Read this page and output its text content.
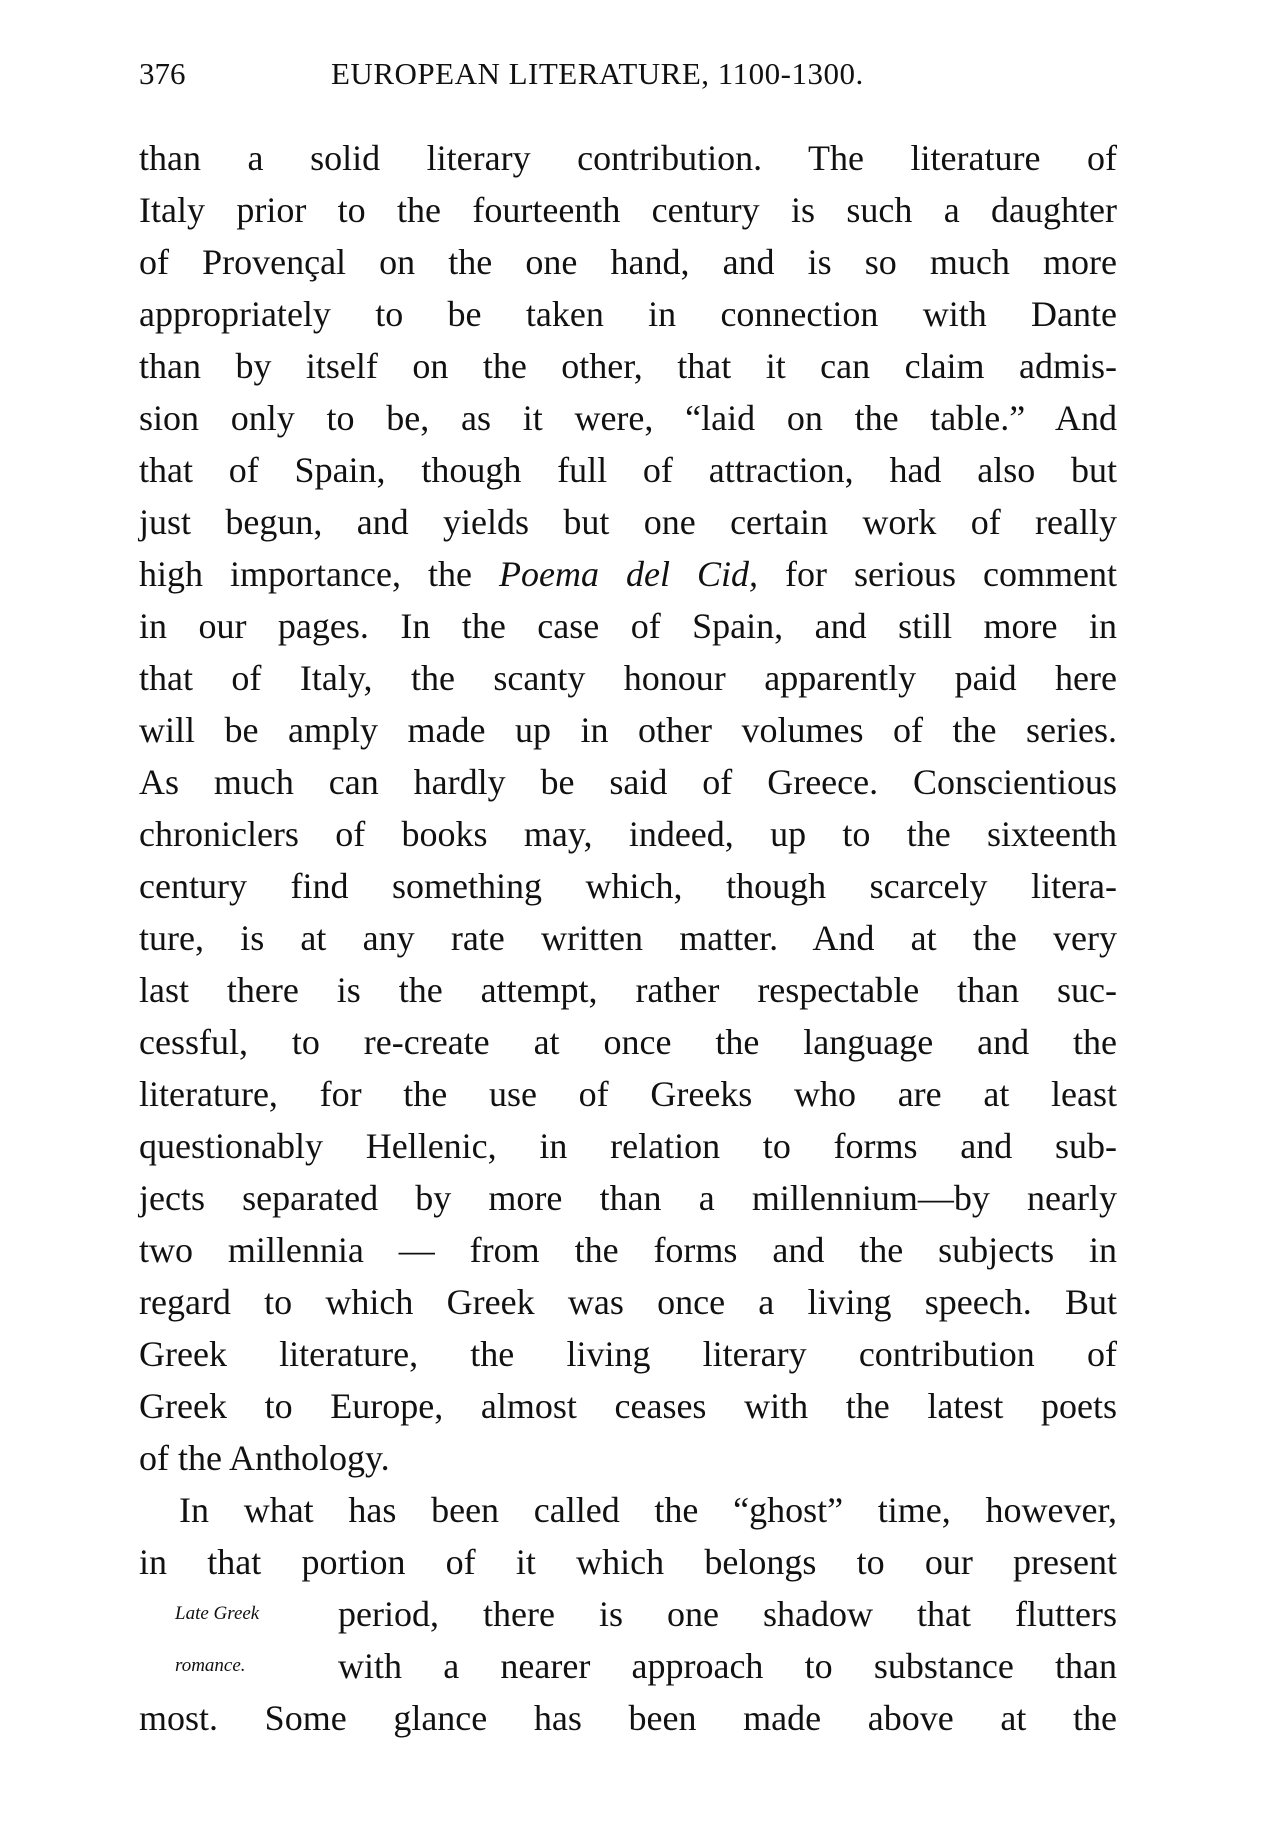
376	EUROPEAN LITERATURE, 1100-1300.
than a solid literary contribution. The literature of
Italy prior to the fourteenth century is such a daughter
of Provençal on the one hand, and is so much more
appropriately to be taken in connection with Dante
than by itself on the other, that it can claim admis-
sion only to be, as it were, “laid on the table.” And
that of Spain, though full of attraction, had also but
just begun, and yields but one certain work of really
high importance, the Poema del Cid, for serious comment
in our pages. In the case of Spain, and still more in
that of Italy, the scanty honour apparently paid here
will be amply made up in other volumes of the series.
As much can hardly be said of Greece. Conscientious
chroniclers of books may, indeed, up to the sixteenth
century find something which, though scarcely litera-
ture, is at any rate written matter. And at the very
last there is the attempt, rather respectable than suc-
cessful, to re-create at once the language and the
literature, for the use of Greeks who are at least
questionably Hellenic, in relation to forms and sub-
jects separated by more than a millennium—by nearly
two millennia — from the forms and the subjects in
regard to which Greek was once a living speech. But
Greek literature, the living literary contribution of
Greek to Europe, almost ceases with the latest poets
of the Anthology.
In what has been called the “ghost” time, however,
in that portion of it which belongs to our present
Late Greek period, there is one shadow that flutters
romance.	with a nearer approach to substance than
most. Some glance has been made above at the
